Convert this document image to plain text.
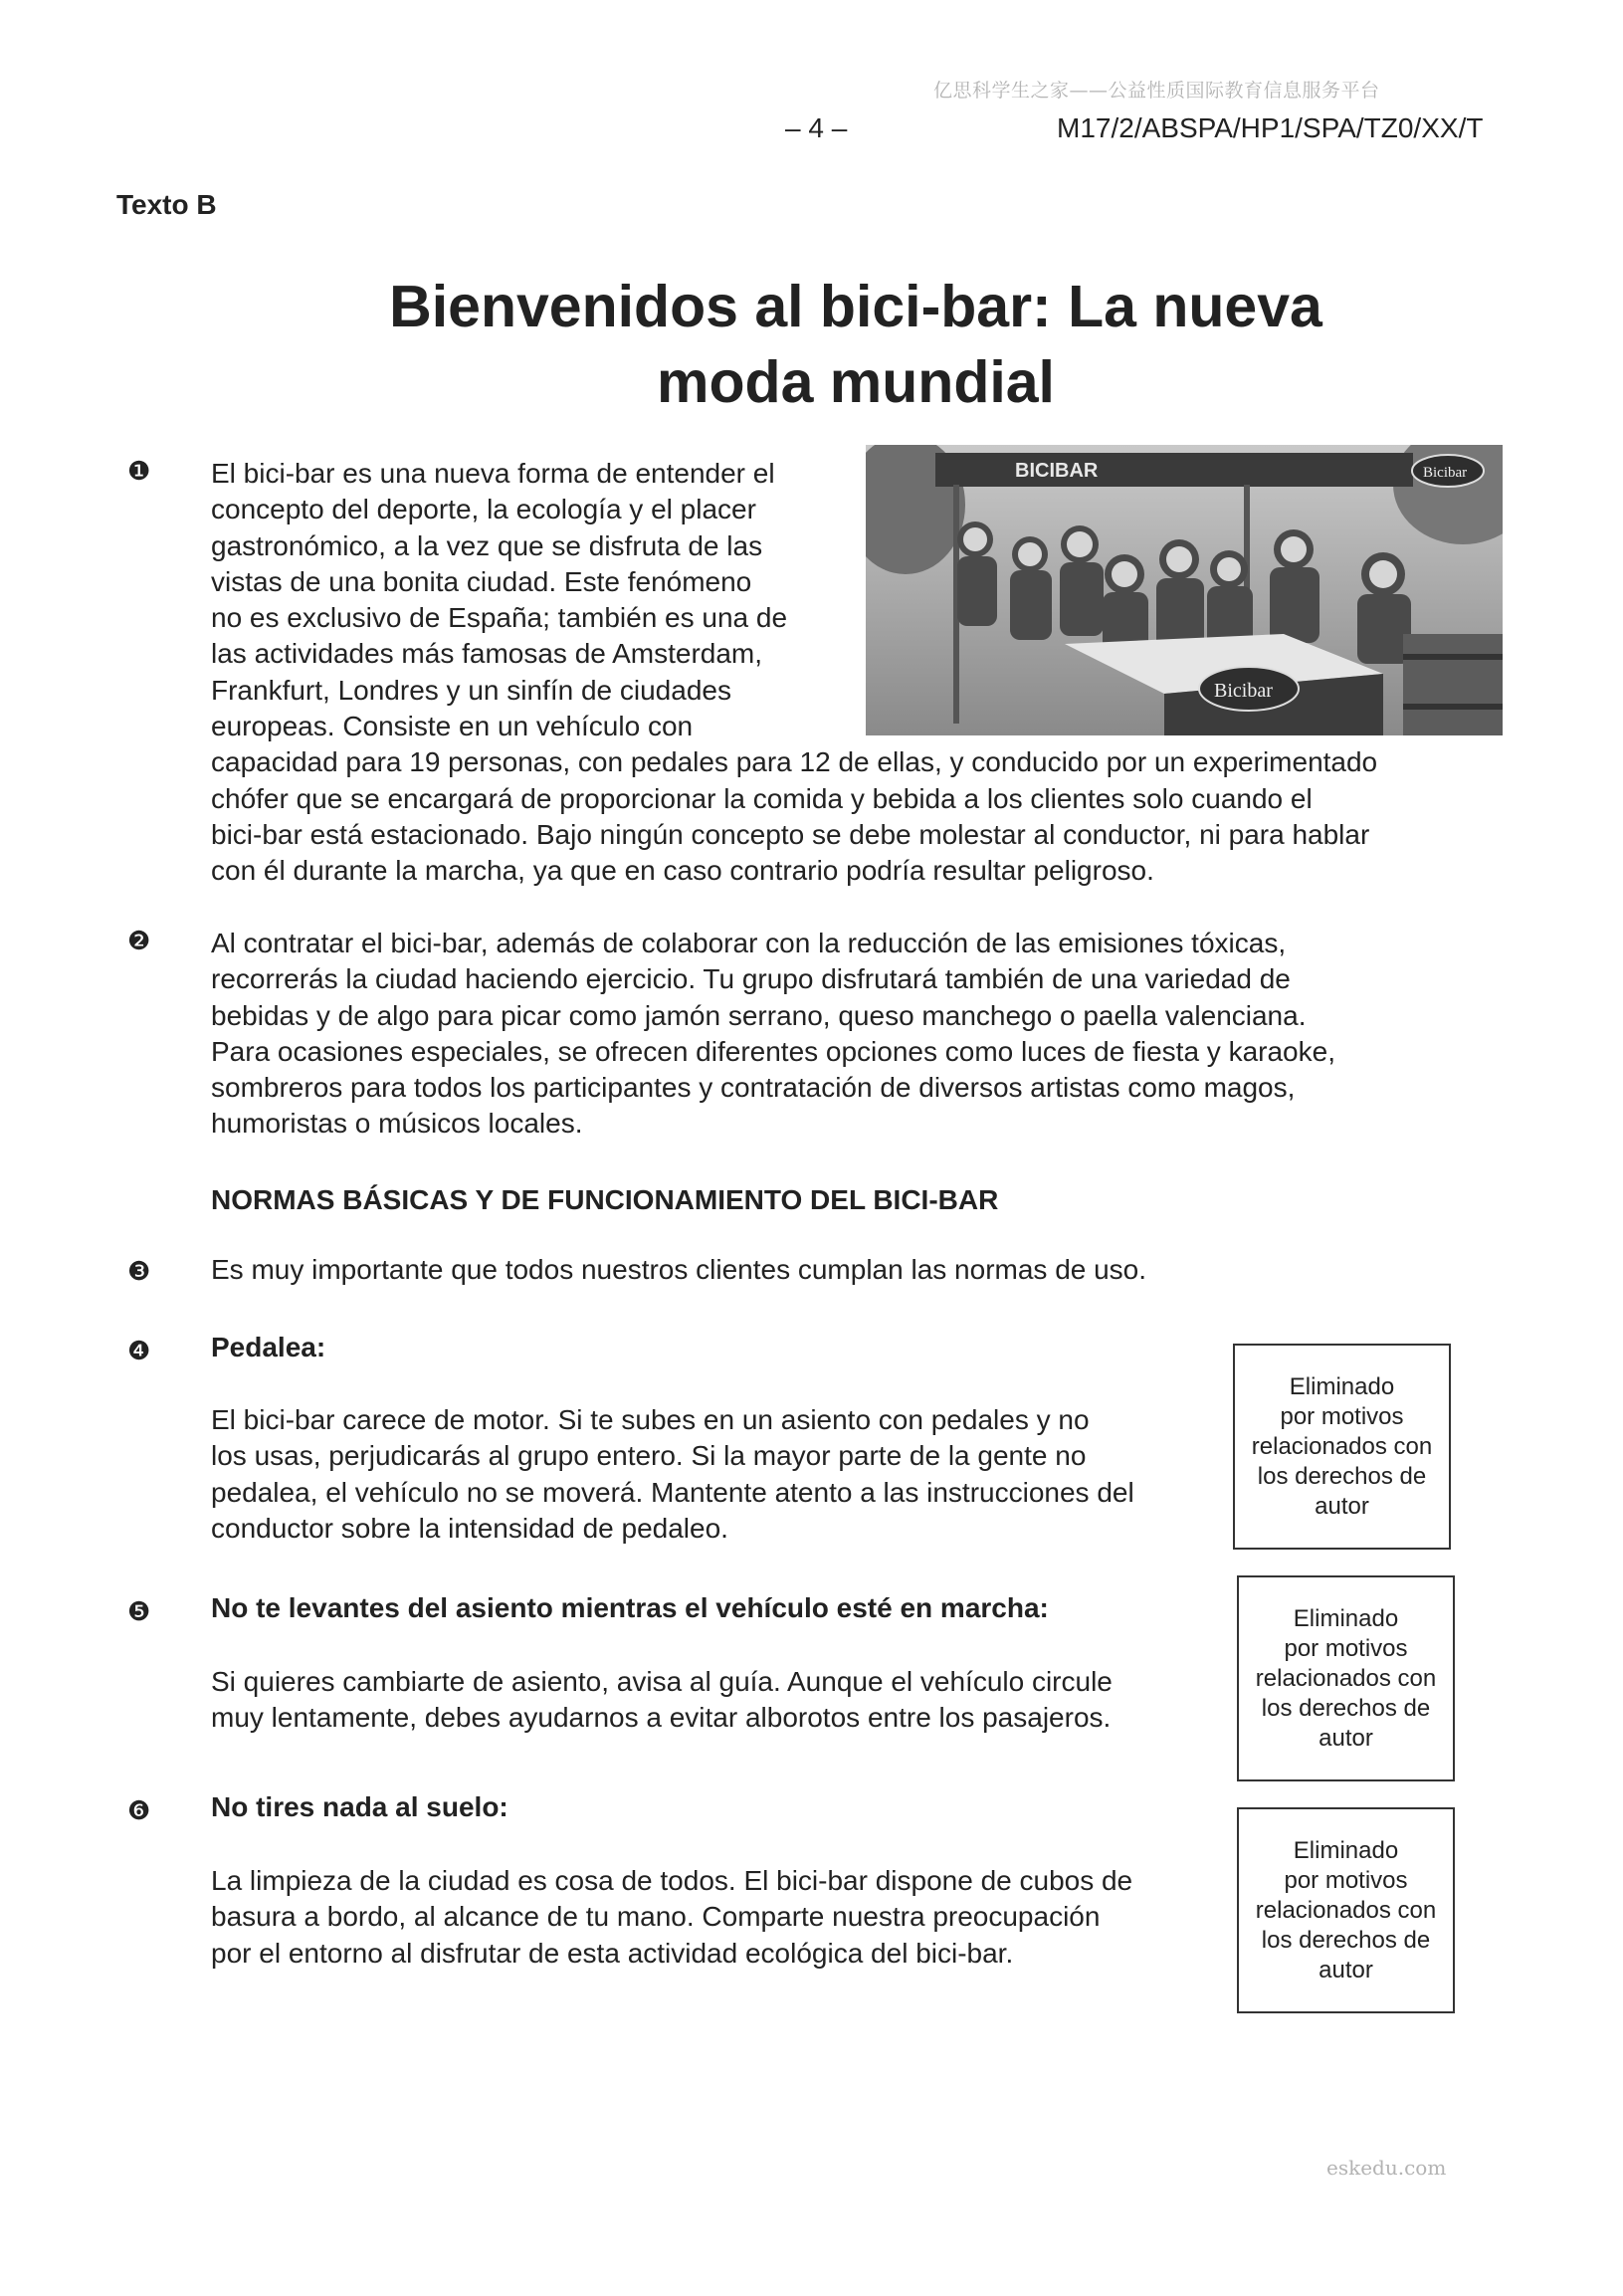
亿思科学生之家——公益性质国际教育信息服务平台
– 4 –	M17/2/ABSPA/HP1/SPA/TZ0/XX/T
Texto B
Bienvenidos al bici-bar: La nueva
moda mundial
BICIBAR	Bicibar
Bicibar
❶ El bici-bar es una nueva forma de entender el
concepto del deporte, la ecología y el placer
gastronómico, a la vez que se disfruta de las
vistas de una bonita ciudad. Este fenómeno
no es exclusivo de España; también es una de
las actividades más famosas de Amsterdam,
Frankfurt, Londres y un sinfín de ciudades
europeas. Consiste en un vehículo con
capacidad para 19 personas, con pedales para 12 de ellas, y conducido por un experimentado
chófer que se encargará de proporcionar la comida y bebida a los clientes solo cuando el
bici-bar está estacionado. Bajo ningún concepto se debe molestar al conductor, ni para hablar
con él durante la marcha, ya que en caso contrario podría resultar peligroso.
❷ Al contratar el bici-bar, además de colaborar con la reducción de las emisiones tóxicas,
recorrerás la ciudad haciendo ejercicio. Tu grupo disfrutará también de una variedad de
bebidas y de algo para picar como jamón serrano, queso manchego o paella valenciana.
Para ocasiones especiales, se ofrecen diferentes opciones como luces de fiesta y karaoke,
sombreros para todos los participantes y contratación de diversos artistas como magos,
humoristas o músicos locales.
NORMAS BÁSICAS Y DE FUNCIONAMIENTO DEL BICI-BAR
❸ Es muy importante que todos nuestros clientes cumplan las normas de uso.
❹ Pedalea:
El bici-bar carece de motor. Si te subes en un asiento con pedales y no
los usas, perjudicarás al grupo entero. Si la mayor parte de la gente no
pedalea, el vehículo no se moverá. Mantente atento a las instrucciones del
conductor sobre la intensidad de pedaleo.
❺ No te levantes del asiento mientras el vehículo esté en marcha:
Si quieres cambiarte de asiento, avisa al guía. Aunque el vehículo circule
muy lentamente, debes ayudarnos a evitar alborotos entre los pasajeros.
❻ No tires nada al suelo:
La limpieza de la ciudad es cosa de todos. El bici-bar dispone de cubos de
basura a bordo, al alcance de tu mano. Comparte nuestra preocupación
por el entorno al disfrutar de esta actividad ecológica del bici-bar.
Eliminado
por motivos
relacionados con
los derechos de
autor
Eliminado
por motivos
relacionados con
los derechos de
autor
Eliminado
por motivos
relacionados con
los derechos de
autor
eskedu.com
